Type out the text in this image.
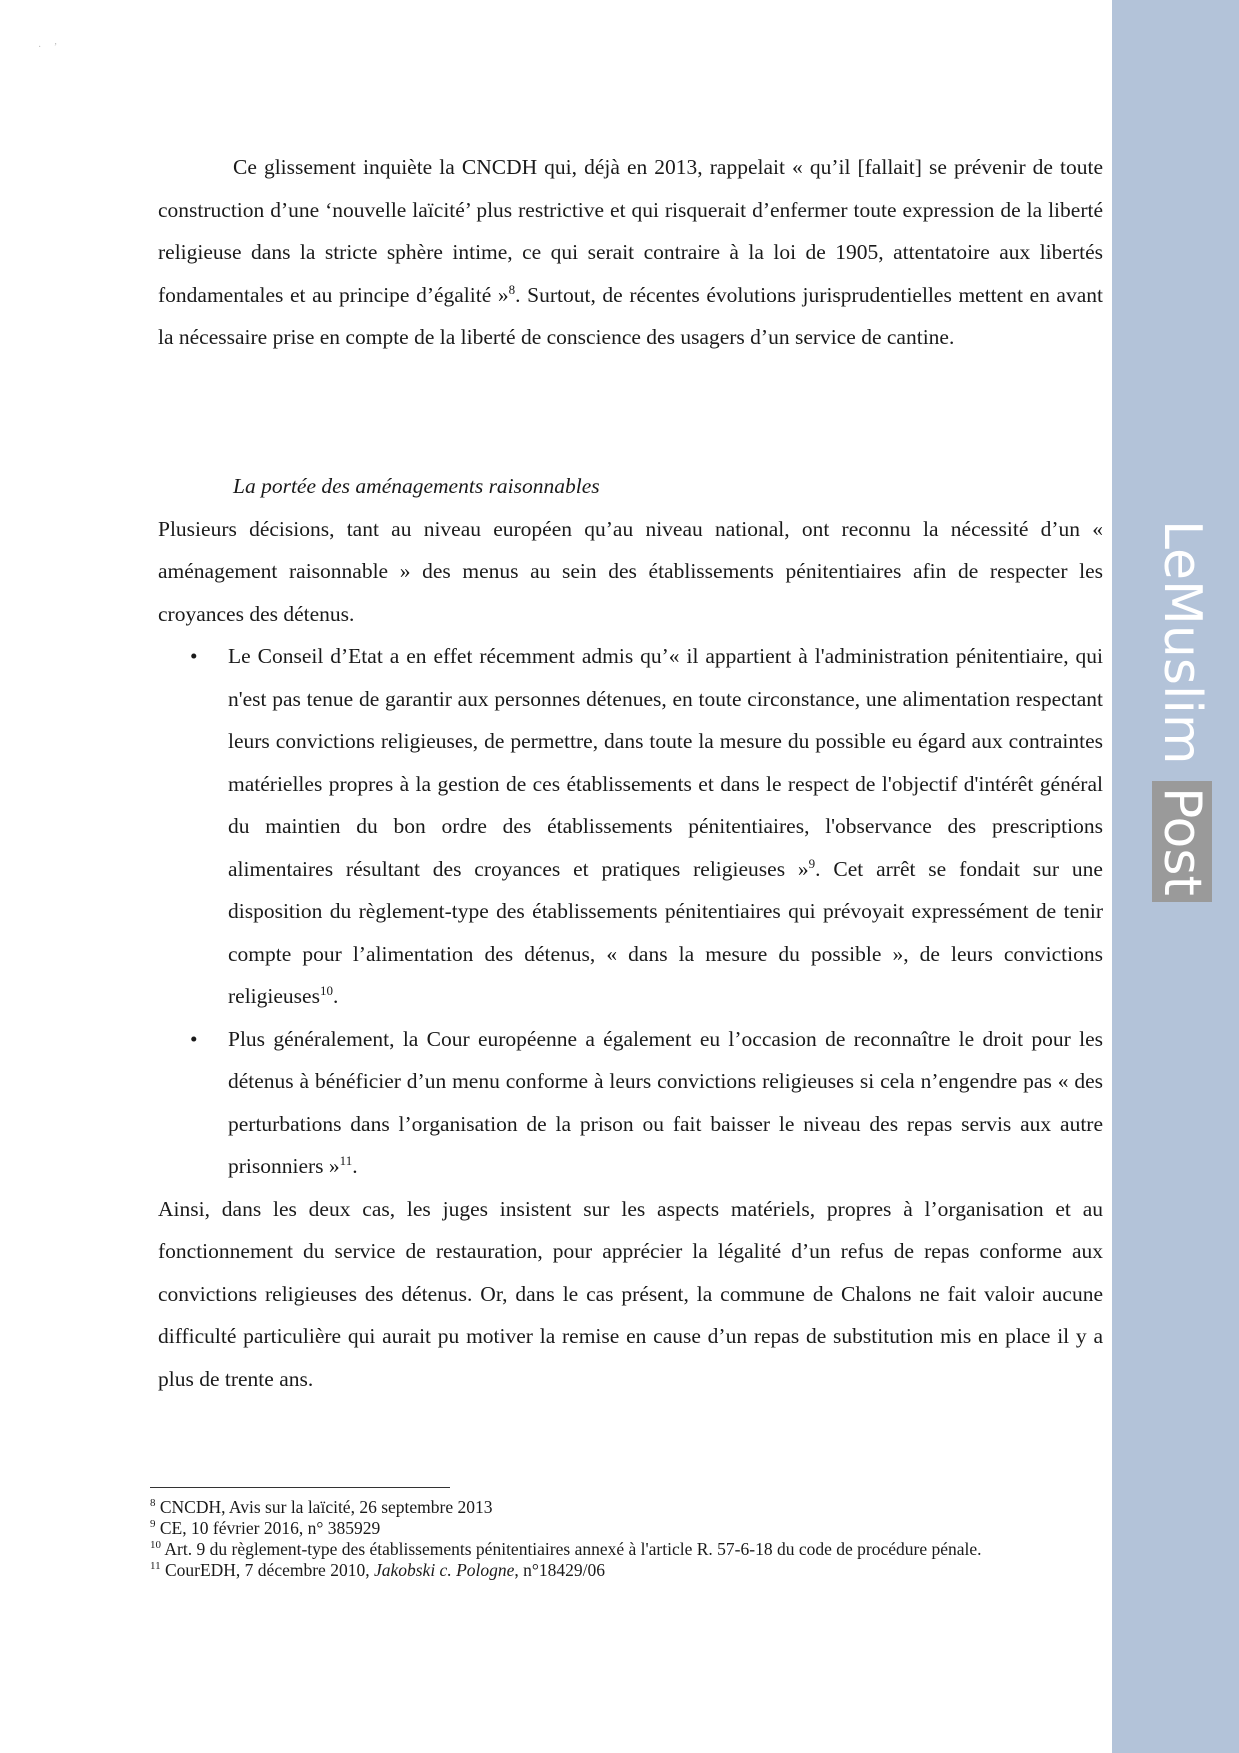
·     ’

Ce glissement inquiète la CNCDH qui, déjà en 2013, rappelait « qu’il [fallait] se prévenir de toute construction d’une ‘nouvelle laïcité’ plus restrictive et qui risquerait d’enfermer toute expression de la liberté religieuse dans la stricte sphère intime, ce qui serait contraire à la loi de 1905, attentatoire aux libertés fondamentales et au principe d’égalité »$^8$. Surtout, de récentes évolutions jurisprudentielles mettent en avant la nécessaire prise en compte de la liberté de conscience des usagers d’un service de cantine.

La portée des aménagements raisonnables

Plusieurs décisions, tant au niveau européen qu’au niveau national, ont reconnu la nécessité d’un « aménagement raisonnable » des menus au sein des établissements pénitentiaires afin de respecter les croyances des détenus.

• Le Conseil d’Etat a en effet récemment admis qu’« il appartient à l'administration pénitentiaire, qui n'est pas tenue de garantir aux personnes détenues, en toute circonstance, une alimentation respectant leurs convictions religieuses, de permettre, dans toute la mesure du possible eu égard aux contraintes matérielles propres à la gestion de ces établissements et dans le respect de l'objectif d'intérêt général du maintien du bon ordre des établissements pénitentiaires, l'observance des prescriptions alimentaires résultant des croyances et pratiques religieuses »$^9$. Cet arrêt se fondait sur une disposition du règlement-type des établissements pénitentiaires qui prévoyait expressément de tenir compte pour l’alimentation des détenus, « dans la mesure du possible », de leurs convictions religieuses$^{10}$.
• Plus généralement, la Cour européenne a également eu l’occasion de reconnaître le droit pour les détenus à bénéficier d’un menu conforme à leurs convictions religieuses si cela n’engendre pas « des perturbations dans l’organisation de la prison ou fait baisser le niveau des repas servis aux autre prisonniers »$^{11}$.

Ainsi, dans les deux cas, les juges insistent sur les aspects matériels, propres à l’organisation et au fonctionnement du service de restauration, pour apprécier la légalité d’un refus de repas conforme aux convictions religieuses des détenus. Or, dans le cas présent, la commune de Chalons ne fait valoir aucune difficulté particulière qui aurait pu motiver la remise en cause d’un repas de substitution mis en place il y a plus de trente ans.

$^8$ CNCDH, Avis sur la laïcité, 26 septembre 2013
$^9$ CE, 10 février 2016, n° 385929
$^{10}$ Art. 9 du règlement-type des établissements pénitentiaires annexé à l'article R. 57-6-18 du code de procédure pénale.
$^{11}$ CourEDH, 7 décembre 2010, Jakobski c. Pologne, n°18429/06
LeMuslim Post
